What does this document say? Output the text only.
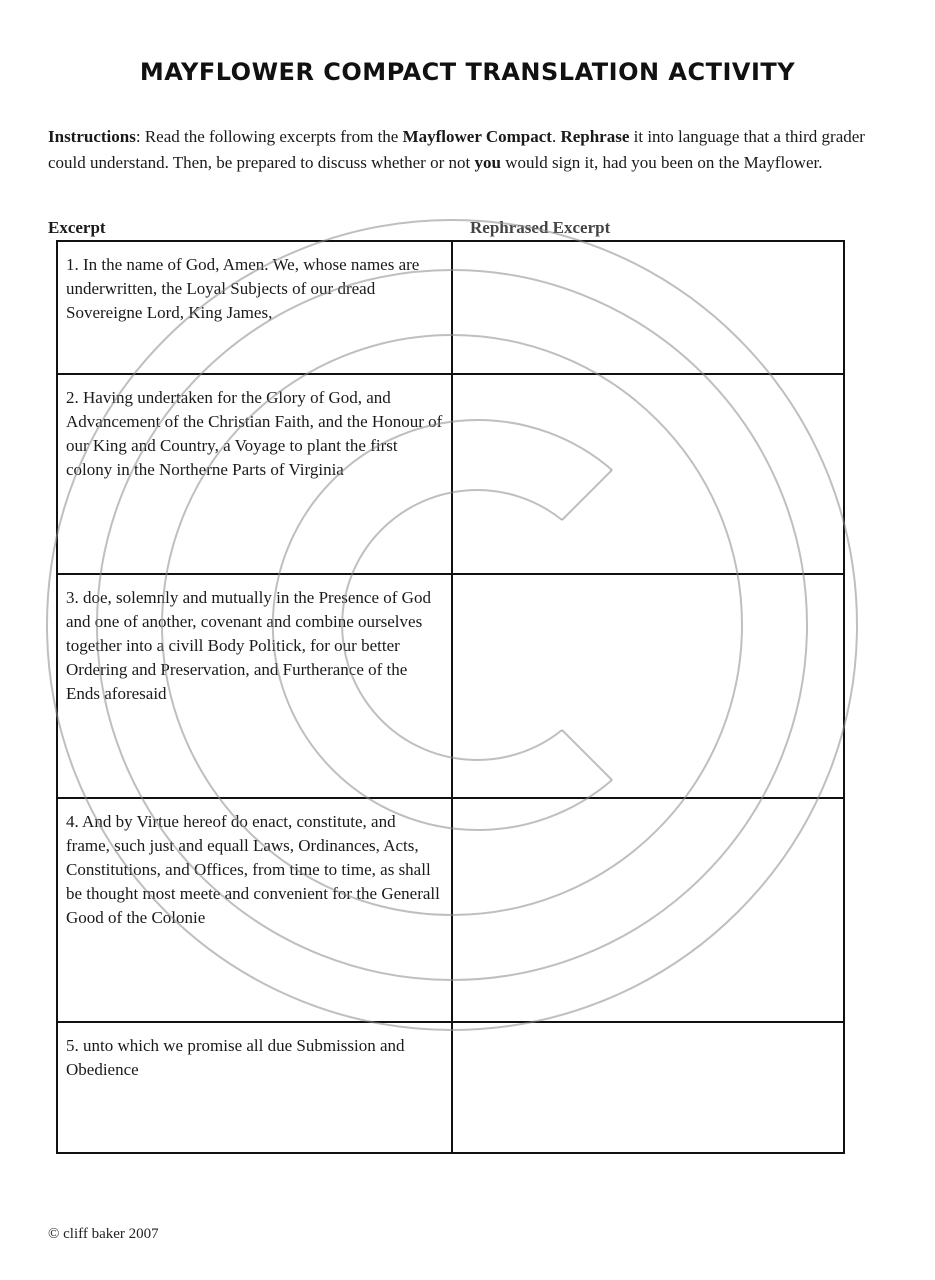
MAYFLOWER COMPACT TRANSLATION ACTIVITY
Instructions: Read the following excerpts from the Mayflower Compact. Rephrase it into language that a third grader could understand. Then, be prepared to discuss whether or not you would sign it, had you been on the Mayflower.
Excerpt	Rephrased Excerpt
1. In the name of God, Amen. We, whose names are underwritten, the Loyal Subjects of our dread Sovereigne Lord, King James,	
2. Having undertaken for the Glory of God, and Advancement of the Christian Faith, and the Honour of our King and Country, a Voyage to plant the first colony in the Northerne Parts of Virginia	
3. doe, solemnly and mutually in the Presence of God and one of another, covenant and combine ourselves together into a civill Body Politick, for our better Ordering and Preservation, and Furtherance of the Ends aforesaid	
4. And by Virtue hereof do enact, constitute, and frame, such just and equall Laws, Ordinances, Acts, Constitutions, and Offices, from time to time, as shall be thought most meete and convenient for the Generall Good of the Colonie	
5. unto which we promise all due Submission and Obedience	
© cliff baker 2007
